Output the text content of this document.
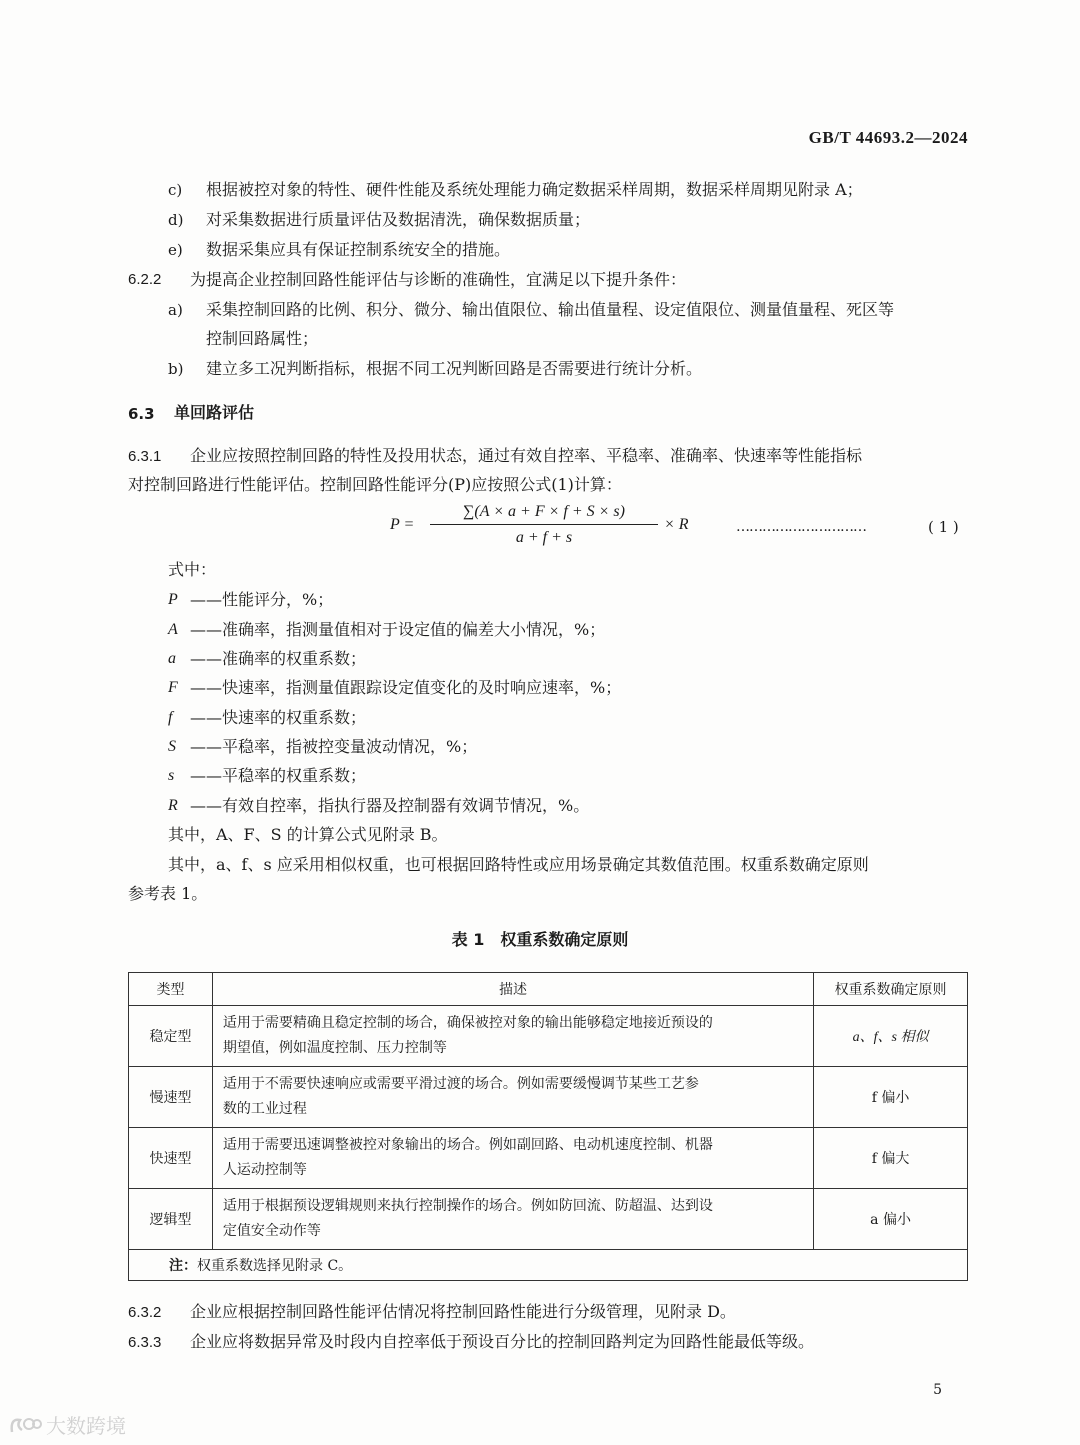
GB/T 44693.2—2024
c) 根据被控对象的特性、硬件性能及系统处理能力确定数据采样周期，数据采样周期见附录 A；
d) 对采集数据进行质量评估及数据清洗，确保数据质量；
e) 数据采集应具有保证控制系统安全的措施。
6.2.2 为提高企业控制回路性能评估与诊断的准确性，宜满足以下提升条件：
a) 采集控制回路的比例、积分、微分、输出值限位、输出值量程、设定值限位、测量值量程、死区等
控制回路属性；
b) 建立多工况判断指标，根据不同工况判断回路是否需要进行统计分析。
6.3 单回路评估
6.3.1 企业应按照控制回路的特性及投用状态，通过有效自控率、平稳率、准确率、快速率等性能指标
对控制回路进行性能评估。控制回路性能评分(P)应按照公式(1)计算：
$P = \frac{\sum(A \times a + F \times f + S \times s)}{a + f + s} \times R$	…………………………	( 1 )
式中：
P ——性能评分，%；
A ——准确率，指测量值相对于设定值的偏差大小情况，%；
a ——准确率的权重系数；
F ——快速率，指测量值跟踪设定值变化的及时响应速率，%；
f ——快速率的权重系数；
S ——平稳率，指被控变量波动情况，%；
s ——平稳率的权重系数；
R ——有效自控率，指执行器及控制器有效调节情况，%。
其中，A、F、S 的计算公式见附录 B。
其中，a、f、s 应采用相似权重，也可根据回路特性或应用场景确定其数值范围。权重系数确定原则
参考表 1。
表 1　权重系数确定原则
类型	描述	权重系数确定原则
稳定型	适用于需要精确且稳定控制的场合，确保被控对象的输出能够稳定地接近预设的
期望值，例如温度控制、压力控制等	a、f、s 相似
慢速型	适用于不需要快速响应或需要平滑过渡的场合。例如需要缓慢调节某些工艺参
数的工业过程	f 偏小
快速型	适用于需要迅速调整被控对象输出的场合。例如副回路、电动机速度控制、机器
人运动控制等	f 偏大
逻辑型	适用于根据预设逻辑规则来执行控制操作的场合。例如防回流、防超温、达到设
定值安全动作等	a 偏小
注：权重系数选择见附录 C。		
6.3.2 企业应根据控制回路性能评估情况将控制回路性能进行分级管理，见附录 D。
6.3.3 企业应将数据异常及时段内自控率低于预设百分比的控制回路判定为回路性能最低等级。
5
大数跨境
